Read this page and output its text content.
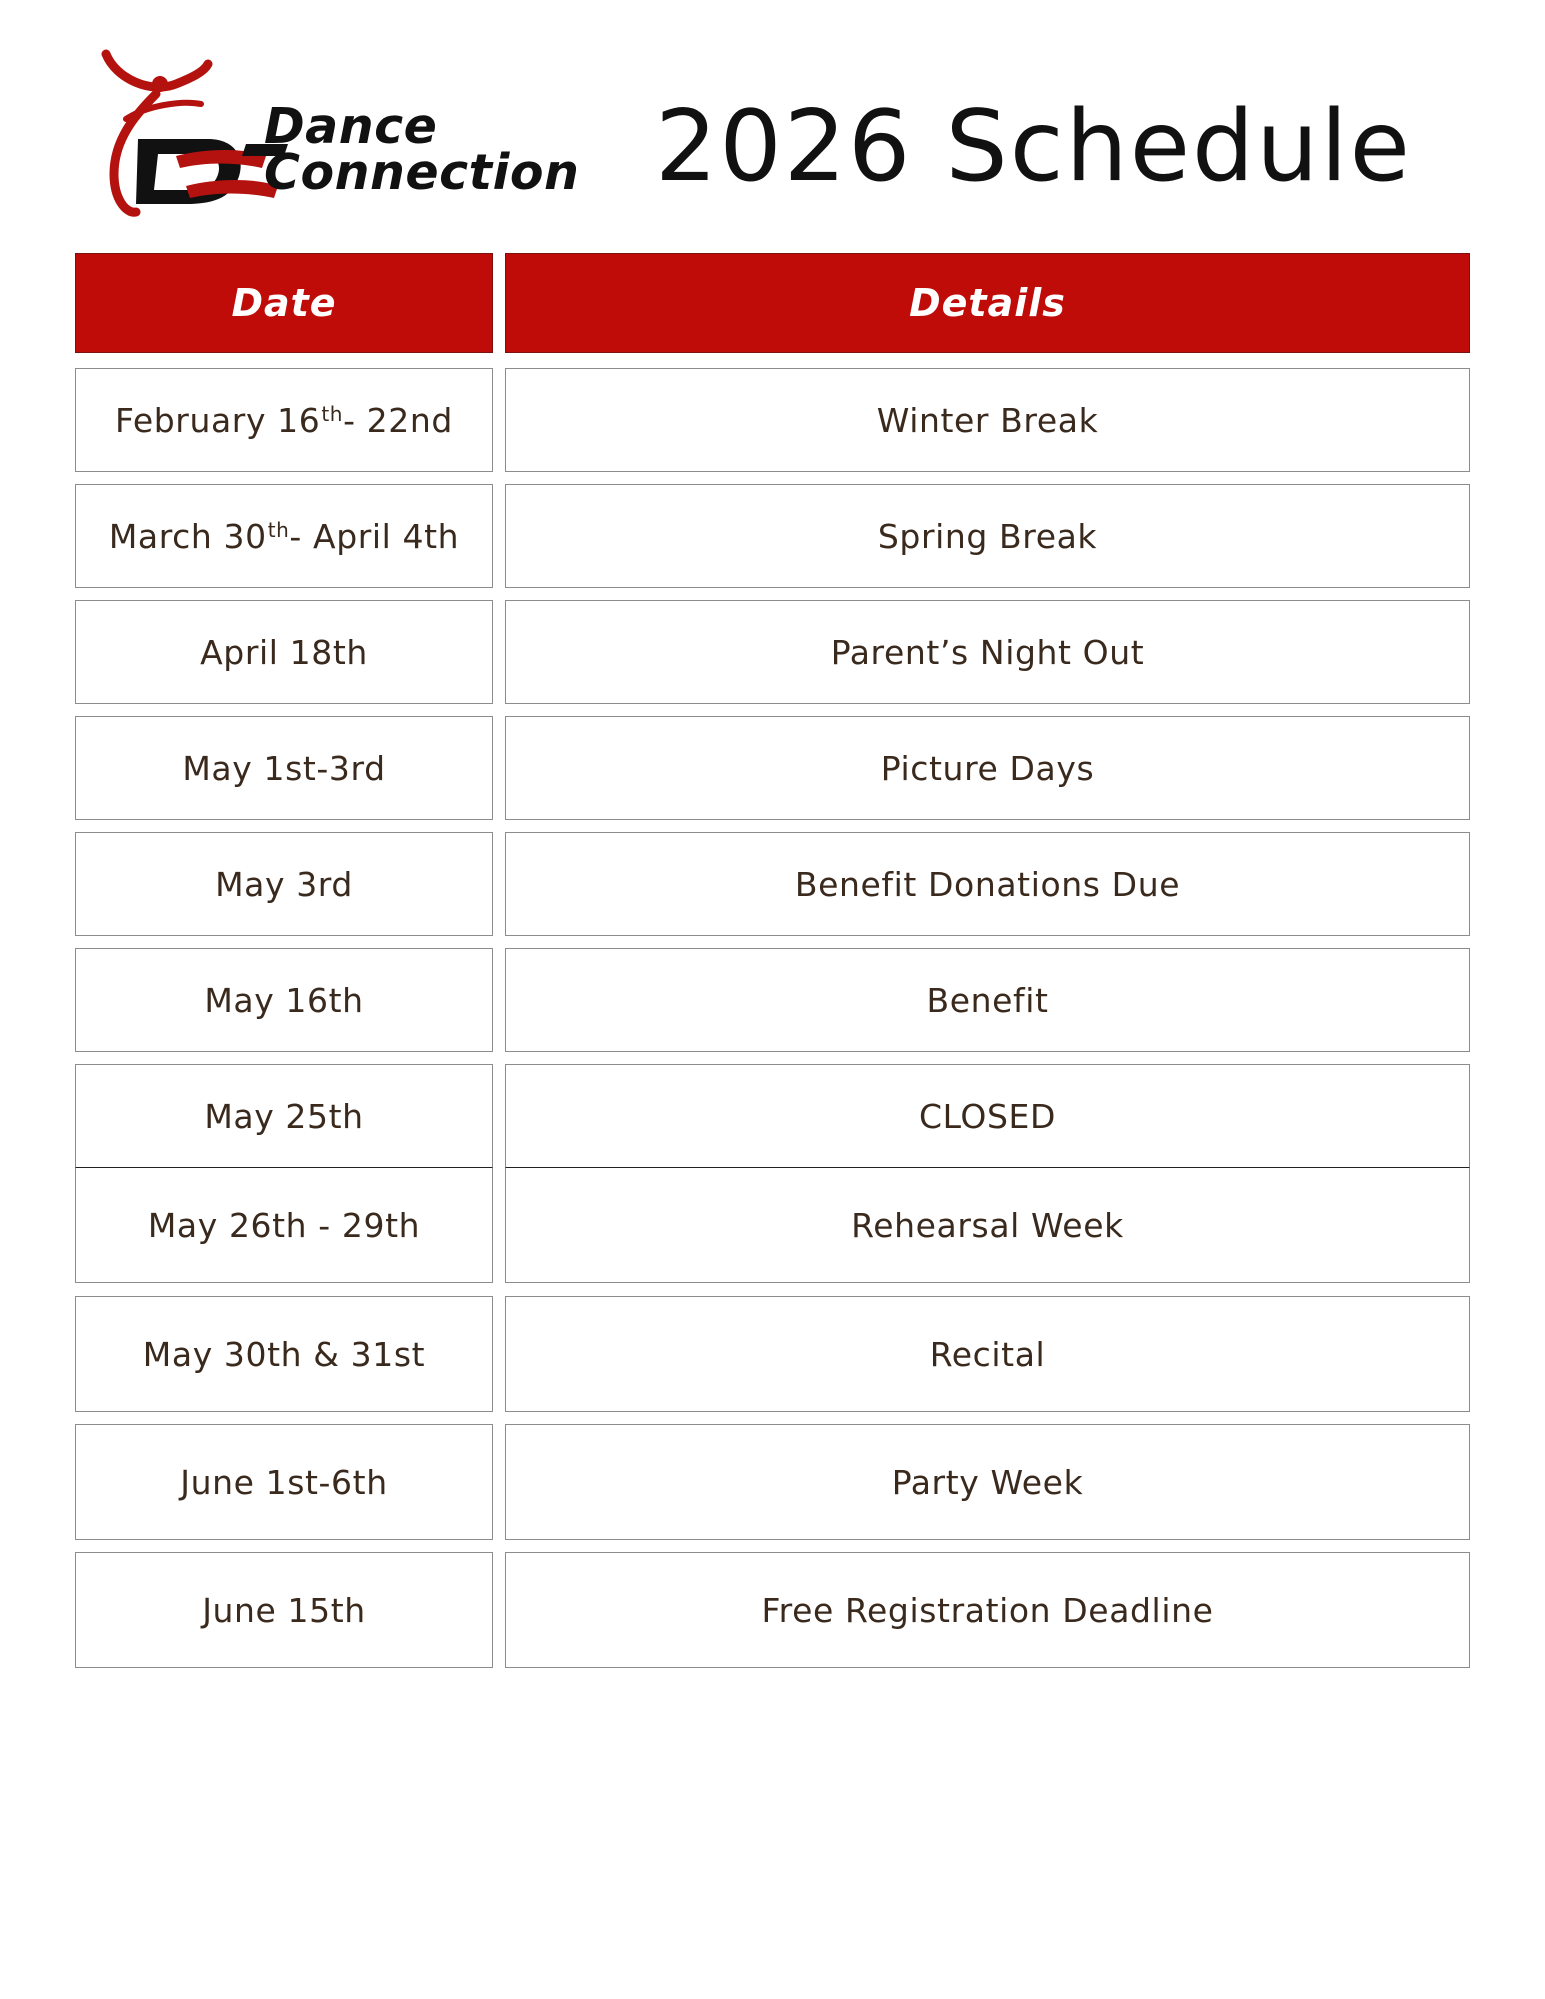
Dance
Connection 2026 Schedule
Date	Details
February 16th - 22nd	Winter Break
March 30th - April 4th	Spring Break
April 18th	Parent’s Night Out
May 1st-3rd	Picture Days
May 3rd	Benefit Donations Due
May 16th	Benefit
May 25th	CLOSED
May 26th - 29th	Rehearsal Week
May 30th & 31st	Recital
June 1st-6th	Party Week
June 15th	Free Registration Deadline
